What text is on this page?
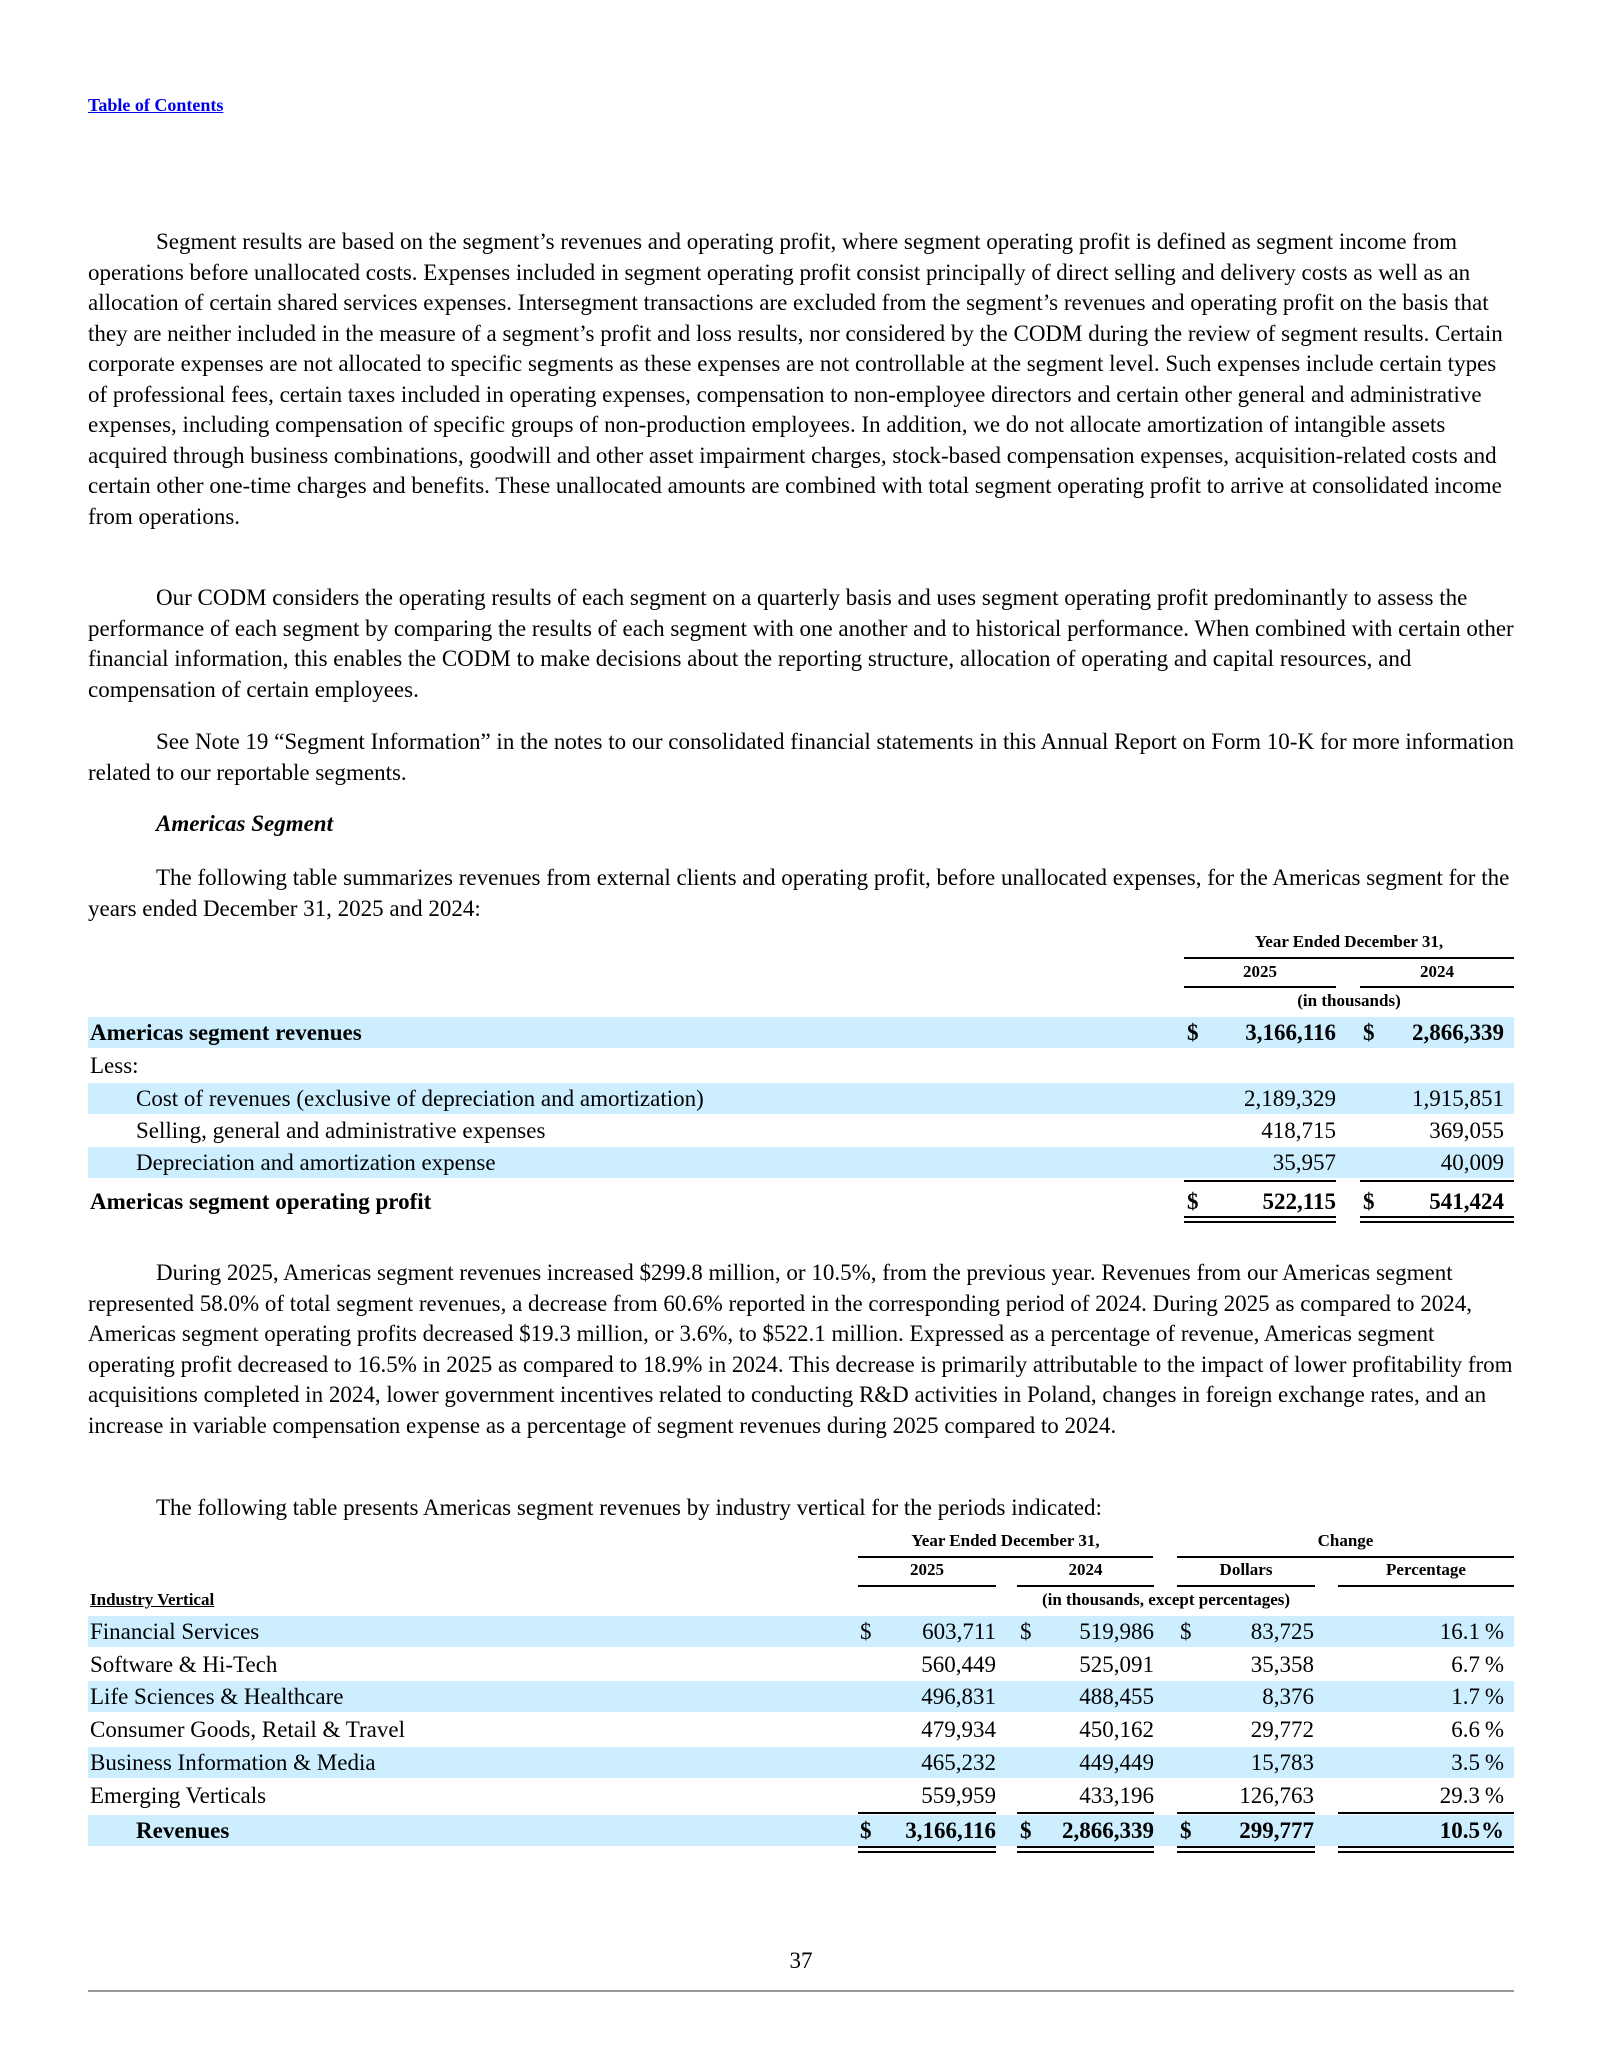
Table of Contents

Segment results are based on the segment’s revenues and operating profit, where segment operating profit is defined as segment income from operations before unallocated costs. Expenses included in segment operating profit consist principally of direct selling and delivery costs as well as an allocation of certain shared services expenses. Intersegment transactions are excluded from the segment’s revenues and operating profit on the basis that they are neither included in the measure of a segment’s profit and loss results, nor considered by the CODM during the review of segment results. Certain corporate expenses are not allocated to specific segments as these expenses are not controllable at the segment level. Such expenses include certain types of professional fees, certain taxes included in operating expenses, compensation to non-employee directors and certain other general and administrative expenses, including compensation of specific groups of non-production employees. In addition, we do not allocate amortization of intangible assets acquired through business combinations, goodwill and other asset impairment charges, stock-based compensation expenses, acquisition-related costs and certain other one-time charges and benefits. These unallocated amounts are combined with total segment operating profit to arrive at consolidated income from operations.

Our CODM considers the operating results of each segment on a quarterly basis and uses segment operating profit predominantly to assess the performance of each segment by comparing the results of each segment with one another and to historical performance. When combined with certain other financial information, this enables the CODM to make decisions about the reporting structure, allocation of operating and capital resources, and compensation of certain employees.

See Note 19 “Segment Information” in the notes to our consolidated financial statements in this Annual Report on Form 10-K for more information related to our reportable segments.

Americas Segment

The following table summarizes revenues from external clients and operating profit, before unallocated expenses, for the Americas segment for the years ended December 31, 2025 and 2024:

Year Ended December 31,
2025	2024
(in thousands)
Americas segment revenues	$ 3,166,116 $ 2,866,339
Less:
Cost of revenues (exclusive of depreciation and amortization)	2,189,329	1,915,851
Selling, general and administrative expenses	418,715	369,055
Depreciation and amortization expense	35,957	40,009
Americas segment operating profit	$	522,115 $ 541,424

During 2025, Americas segment revenues increased $299.8 million, or 10.5%, from the previous year. Revenues from our Americas segment represented 58.0% of total segment revenues, a decrease from 60.6% reported in the corresponding period of 2024. During 2025 as compared to 2024, Americas segment operating profits decreased $19.3 million, or 3.6%, to $522.1 million. Expressed as a percentage of revenue, Americas segment operating profit decreased to 16.5% in 2025 as compared to 18.9% in 2024. This decrease is primarily attributable to the impact of lower profitability from acquisitions completed in 2024, lower government incentives related to conducting R&D activities in Poland, changes in foreign exchange rates, and an increase in variable compensation expense as a percentage of segment revenues during 2025 compared to 2024.

The following table presents Americas segment revenues by industry vertical for the periods indicated:

Year Ended December 31,	Change
2025	2024	Dollars	Percentage
Industry Vertical	(in thousands, except percentages)
Financial Services	$ 603,711 $ 519,986 $	83,725	16.1 %
Software & Hi-Tech	560,449	525,091	35,358	6.7 %
Life Sciences & Healthcare	496,831	488,455	8,376	1.7 %
Consumer Goods, Retail & Travel	479,934	450,162	29,772	6.6 %
Business Information & Media	465,232	449,449	15,783	3.5 %
Emerging Verticals	559,959	433,196	126,763	29.3 %
Revenues	$ 3,166,116 $ 2,866,339 $ 299,777	10.5 %
37
